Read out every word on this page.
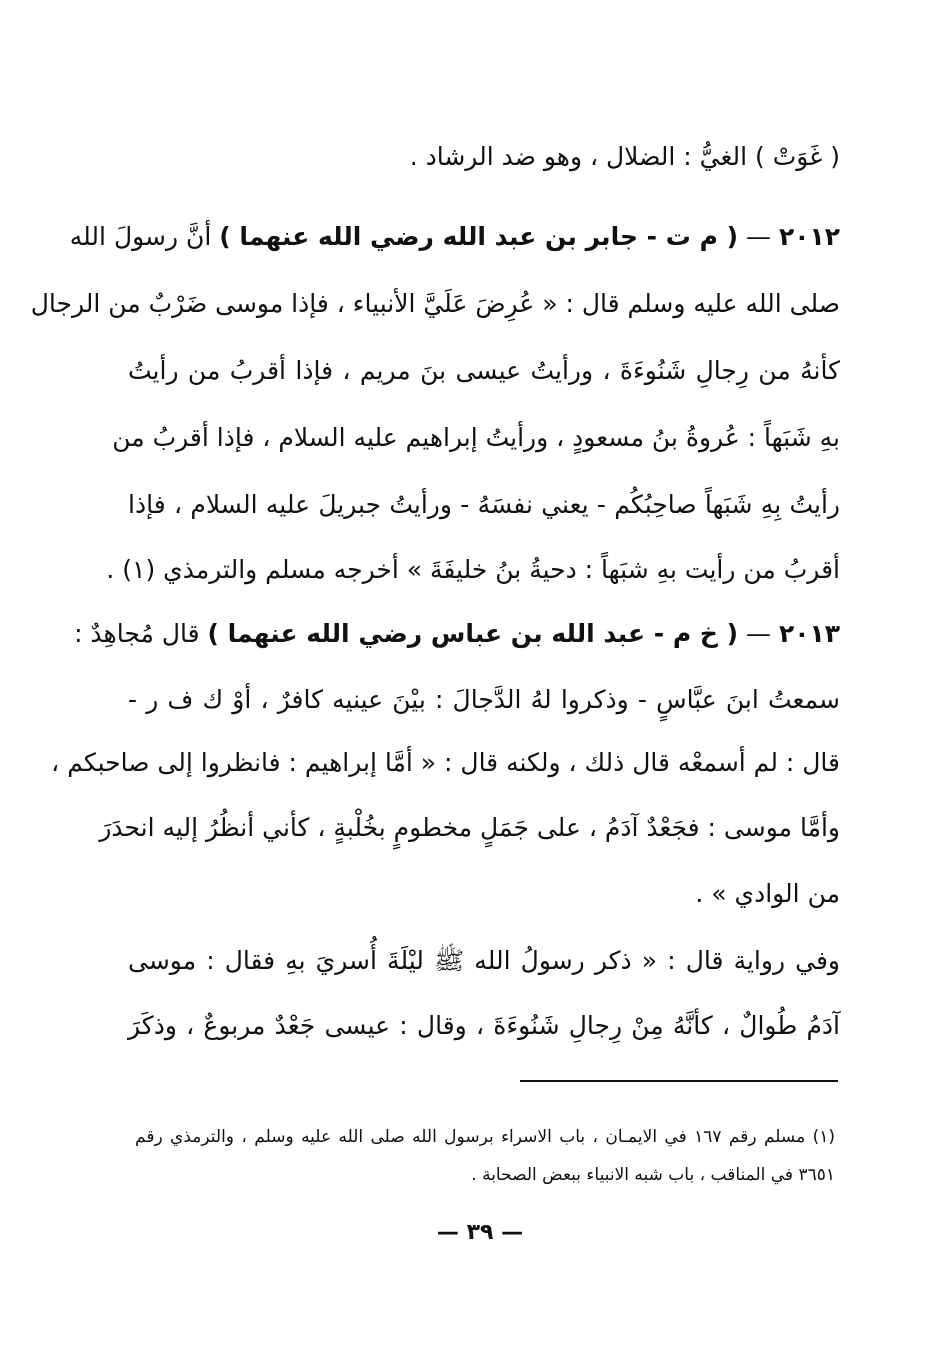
( غَوَتْ ) الغيُّ : الضلال ، وهو ضد الرشاد .
٢٠١٢ — ( م ت - جابر بن عبد الله رضي الله عنهما ) أنَّ رسولَ الله
صلى الله عليه وسلم قال : « عُرِضَ عَلَيَّ الأنبياء ، فإذا موسى ضَرْبٌ من الرجال
كأنهُ من رِجالِ شَنُوءَةَ ، ورأيتُ عيسى بنَ مريم ، فإذا أقربُ من رأيتُ
بهِ شَبَهاً : عُروةُ بنُ مسعودٍ ، ورأيتُ إبراهيم عليه السلام ، فإذا أقربُ من
رأيتُ بِهِ شَبَهاً صاحِبُكُم - يعني نفسَهُ - ورأيتُ جبريلَ عليه السلام ، فإذا
أقربُ من رأيت بهِ شبَهاً : دحيةُ بنُ خليفَةَ » أخرجه مسلم والترمذي (١) .
٢٠١٣ — ( خ م - عبد الله بن عباس رضي الله عنهما ) قال مُجاهِدٌ :
سمعتُ ابنَ عبَّاسٍ - وذكروا لهُ الدَّجالَ : بيْنَ عينيه كافرٌ ، أوْ ك ف ر -
قال : لم أسمعْه قال ذلك ، ولكنه قال : « أمَّا إبراهيم : فانظروا إلى صاحبكم ،
وأمَّا موسى : فجَعْدٌ آدَمُ ، على جَمَلٍ مخطومٍ بخُلْبةٍ ، كأني أنظُرُ إليه انحدَرَ
من الوادي » .
وفي رواية قال : « ذكر رسولُ الله ﷺ ليْلَةَ أُسريَ بهِ فقال : موسى
آدَمُ طُوالٌ ، كأنَّهُ مِنْ رِجالِ شَنُوءَةَ ، وقال : عيسى جَعْدٌ مربوعٌ ، وذكَرَ
(١) مسلم رقم ١٦٧ في الايمـان ، باب الاسراء برسول الله صلى الله عليه وسلم ، والترمذي رقم
٣٦٥١ في المناقب ، باب شبه الانبياء ببعض الصحابة .
— ٣٩ —
